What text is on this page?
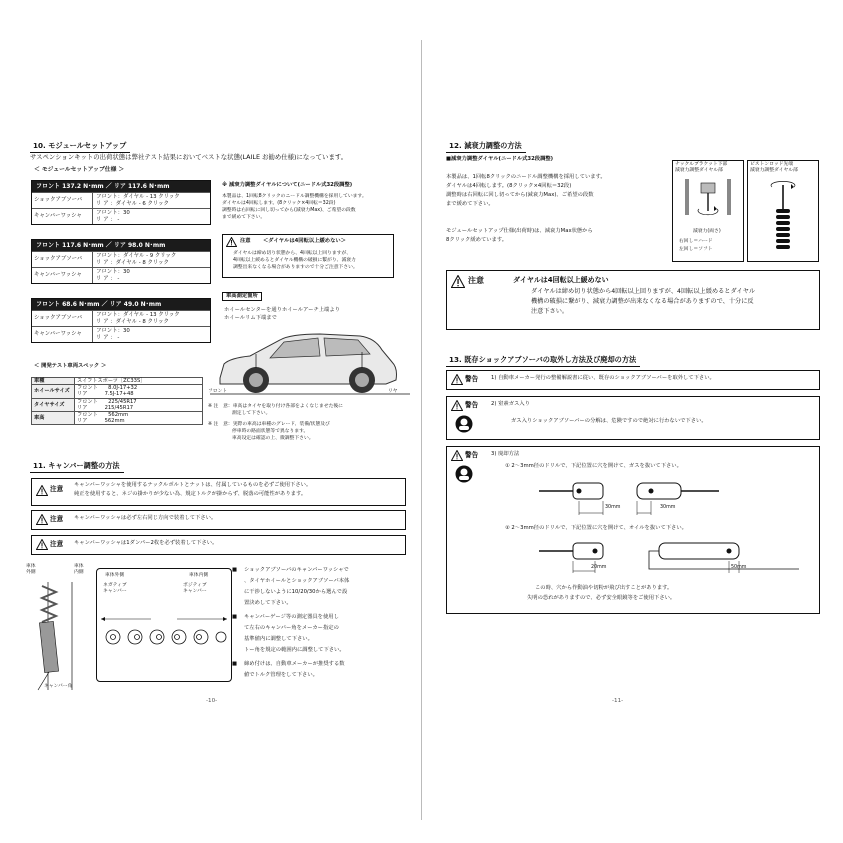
10. モジュールセットアップ
サスペンションキットの出荷状態は弊社テスト結果においてベストな状態(LAILE お勧め仕様)になっています。
＜ モジュールセットアップ仕様 ＞
フロント 137.2 N･mm ／ リア 117.6 N･mm
ショックアブソーバ
フロント：ダイヤル - 13 クリック
リ ア ：ダイヤル - 6 クリック
キャンバーワッシャ
フロント：30
リ ア ： -
フロント 117.6 N･mm ／ リア 98.0 N･mm
ショックアブソーバ
フロント：ダイヤル - 9 クリック
リ ア ：ダイヤル - 8 クリック
キャンバーワッシャ
フロント：30
リ ア ： -
フロント 68.6 N･mm ／ リア 49.0 N･mm
ショックアブソーバ
フロント：ダイヤル - 13 クリック
リ ア ：ダイヤル - 8 クリック
キャンバーワッシャ
フロント：30
リ ア ： -
※ 減衰力調整ダイヤルについて(ニードル式32段調整)
本製品は、1回転8クリックのニードル調整機構を採用しています。
ダイヤルは4回転します。(8クリック×4回転＝32段)
調整時は右回転に回し切ってから(減衰力Max)、ご希望の段数
まで緩めて下さい。
注意 ＜ダイヤルは4回転以上緩めない＞
ダイヤルは締め切り状態から、4回転以上回りますが、
4回転以上緩めるとダイヤル機構の破損に繋がり、減衰力
調整出来なくなる場合がありますので十分ご注意下さい。
車高測定箇所
ホイールセンターを通りホイールアーチ上端より
ホイールリム下端まで
フロント	リヤ
＜ 開発テスト車両スペック ＞
車種	スイフトスポーツ［ZC33S］
ホイールサイズ	フロント　　8.0J-17+32
リア　　　 7.5J-17+48

タイヤサイズ	フロント　　225/45R17
リア　　　 215/45R17

車高	フロント　　562mm
リア　　　 562mm
※ 注　意：車高はタイヤを取り付け各部をよくなじませた後に
　　　　　測定して下さい。
※ 注　意：実際の車高は車種のグレード、装備/状態及び
　　　　　停車時の路面状態等で異なります。
　　　　　車高设定は確認の上、微調整下さい。
11. キャンバー調整の方法
注意 キャンバーワッシャを使用するナックルボルトとナットは、付属しているものを必ずご使用下さい。
純正を使用すると、ネジの掛かりが少ない為、規定トルクが掛からず、脱落の可能性があります。
注意 キャンバーワッシャは必ず左右同じ方向で装着して下さい。
注意 キャンバーワッシャは1ダンパー2枚を必ず装着して下さい。
車体
外側
車体
内側
キャンバー角
車体外側	車体内側
ネガティブ
キャンバー
ポジティブ
キャンバー
■ ショックアブソーバのキャンバーワッシャで
、タイヤホイールとショックアブソーバ本体
に干渉しないように10/20/30から選んで設
置決めして下さい。
■ キャンバーゲージ等の測定器具を使用し
て左右のキャンバー角をメーカー指定の
基準値内に調整して下さい。
トー角を規定の範囲内に調整して下さい。
■ 締め付けは、自動車メーカーが推奨する数
値でトルク管理をして下さい。
-10-
12. 減衰力調整の方法
■減衰力調整ダイヤル(ニードル式32段調整)
本製品は、1回転8クリックのニードル調整機構を採用しています。
ダイヤルは4回転します。(8クリック×4回転＝32段)
調整時は右回転に回し切ってから(減衰力Max)、ご希望の段数
まで緩めて下さい。
モジュールセットアップ仕様(出荷時)は、減衰力Max状態から
8クリック緩めています。
ナックルブラケット下部
減衰力調整ダイヤル部
減衰力(両さ)
右回し＝ハード
左回し＝ソフト
ピストンロッド先端
減衰力調整ダイヤル部
注意	ダイヤルは4回転以上緩めない
ダイヤルは締め切り状態から4回転以上回りますが、4回転以上緩めるとダイヤル
機構の破損に繋がり、減衰力調整が出来なくなる場合がありますので、十分に反
注意下さい。
13. 既存ショックアブソーバの取外し方法及び廃却の方法
警告 1) 自動車メーカー発行の整備解説書に従い、既存のショックアブソーバーを取外して下さい。
警告 2) 窒素ガス入り
ガス入りショックアブソーバーの分解は、危険ですので絶対に行わないで下さい。
警告 3) 廃却方法
① 2～3mm径のドリルで、下記位置に穴を開けて、ガスを抜いて下さい。
30mm	30mm
② 2～3mm径のドリルで、下記位置に穴を開けて、オイルを抜いて下さい。
20mm	50mm
この時、穴から作動油や切粉が飛び出すことがあります。
失明の恐れがありますので、必ず安全眼鏡等をご使用下さい。
-11-
